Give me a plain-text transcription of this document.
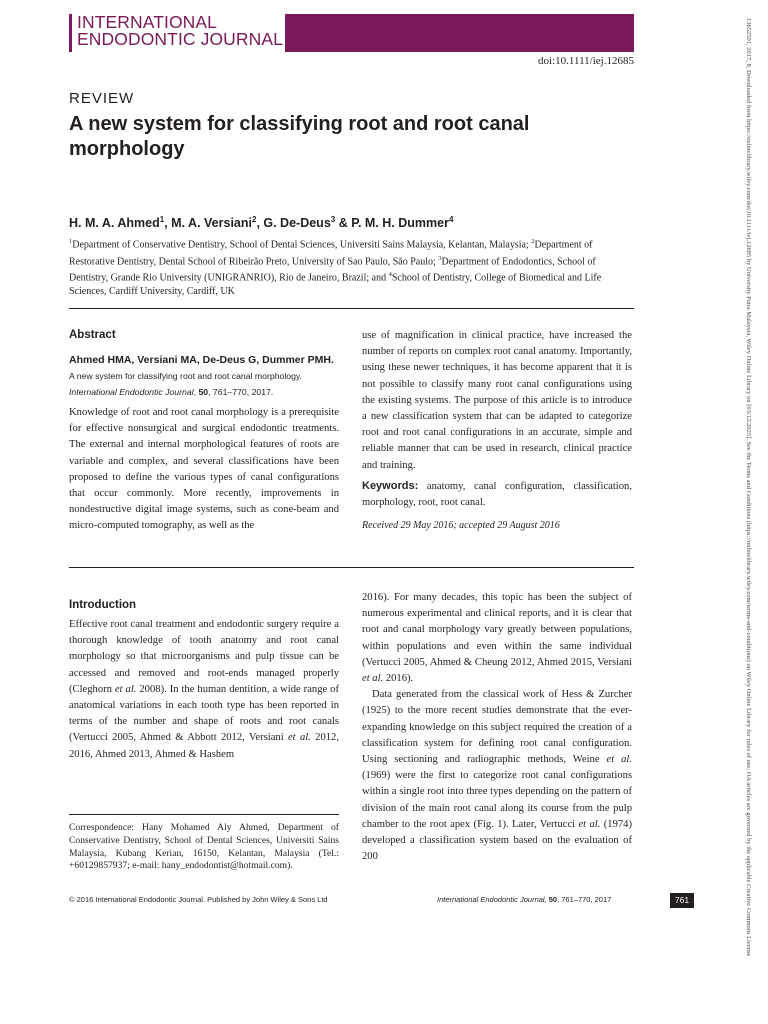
INTERNATIONAL
ENDODONTIC JOURNAL
doi:10.1111/iej.12685
REVIEW
A new system for classifying root and root canal morphology
H. M. A. Ahmed$^1$, M. A. Versiani$^2$, G. De-Deus$^3$ & P. M. H. Dummer$^4$
$^1$Department of Conservative Dentistry, School of Dental Sciences, Universiti Sains Malaysia, Kelantan, Malaysia; $^2$Department of Restorative Dentistry, Dental School of Ribeirão Preto, University of Sao Paulo, São Paulo; $^3$Department of Endodontics, School of Dentistry, Grande Rio University (UNIGRANRIO), Rio de Janeiro, Brazil; and $^4$School of Dentistry, College of Biomedical and Life Sciences, Cardiff University, Cardiff, UK
Abstract
Ahmed HMA, Versiani MA, De-Deus G, Dummer PMH. A new system for classifying root and root canal morphology. International Endodontic Journal, 50, 761–770, 2017.
Knowledge of root and root canal morphology is a prerequisite for effective nonsurgical and surgical endodontic treatments. The external and internal morphological features of roots are variable and complex, and several classifications have been proposed to define the various types of canal configurations that occur commonly. More recently, improvements in nondestructive digital image systems, such as cone-beam and micro-computed tomography, as well as the
use of magnification in clinical practice, have increased the number of reports on complex root canal anatomy. Importantly, using these newer techniques, it has become apparent that it is not possible to classify many root canal configurations using the existing systems. The purpose of this article is to introduce a new classification system that can be adapted to categorize root and root canal configurations in an accurate, simple and reliable manner that can be used in research, clinical practice and training.
Keywords: anatomy, canal configuration, classification, morphology, root, root canal.
Received 29 May 2016; accepted 29 August 2016
Introduction
Effective root canal treatment and endodontic surgery require a thorough knowledge of tooth anatomy and root canal morphology so that microorganisms and pulp tissue can be accessed and removed and root-ends managed properly (Cleghorn et al. 2008). In the human dentition, a wide range of anatomical variations in each tooth type has been reported in terms of the number and shape of roots and root canals (Vertucci 2005, Ahmed & Abbott 2012, Versiani et al. 2012, 2016, Ahmed 2013, Ahmed & Hashem
2016). For many decades, this topic has been the subject of numerous experimental and clinical reports, and it is clear that root and canal morphology vary greatly between populations, within populations and even within the same individual (Vertucci 2005, Ahmed & Cheung 2012, Ahmed 2015, Versiani et al. 2016).
Data generated from the classical work of Hess & Zurcher (1925) to the more recent studies demonstrate that the ever-expanding knowledge on this subject required the creation of a classification system for defining root canal configuration. Using sectioning and radiographic methods, Weine et al. (1969) were the first to categorize root canal configurations within a single root into three types depending on the pattern of division of the main root canal along its course from the pulp chamber to the root apex (Fig. 1). Later, Vertucci et al. (1974) developed a classification system based on the evaluation of 200
Correspondence: Hany Mohamed Aly Ahmed, Department of Conservative Dentistry, School of Dental Sciences, Universiti Sains Malaysia, Kubang Kerian, 16150, Kelantan, Malaysia (Tel.: +60129857937; e-mail: hany_endodontist@hotmail.com).
© 2016 International Endodontic Journal. Published by John Wiley & Sons Ltd	International Endodontic Journal, 50, 761–770, 2017	761	13652591, 2017, 8, Downloaded from https://onlinelibrary.wiley.com/doi/10.1111/iej.12685 by University Putra Malaysia, Wiley Online Library on [03/12/2025]. See the Terms and Conditions (https://onlinelibrary.wiley.com/terms-and-conditions) on Wiley Online Library for rules of use; OA articles are governed by the applicable Creative Commons License
